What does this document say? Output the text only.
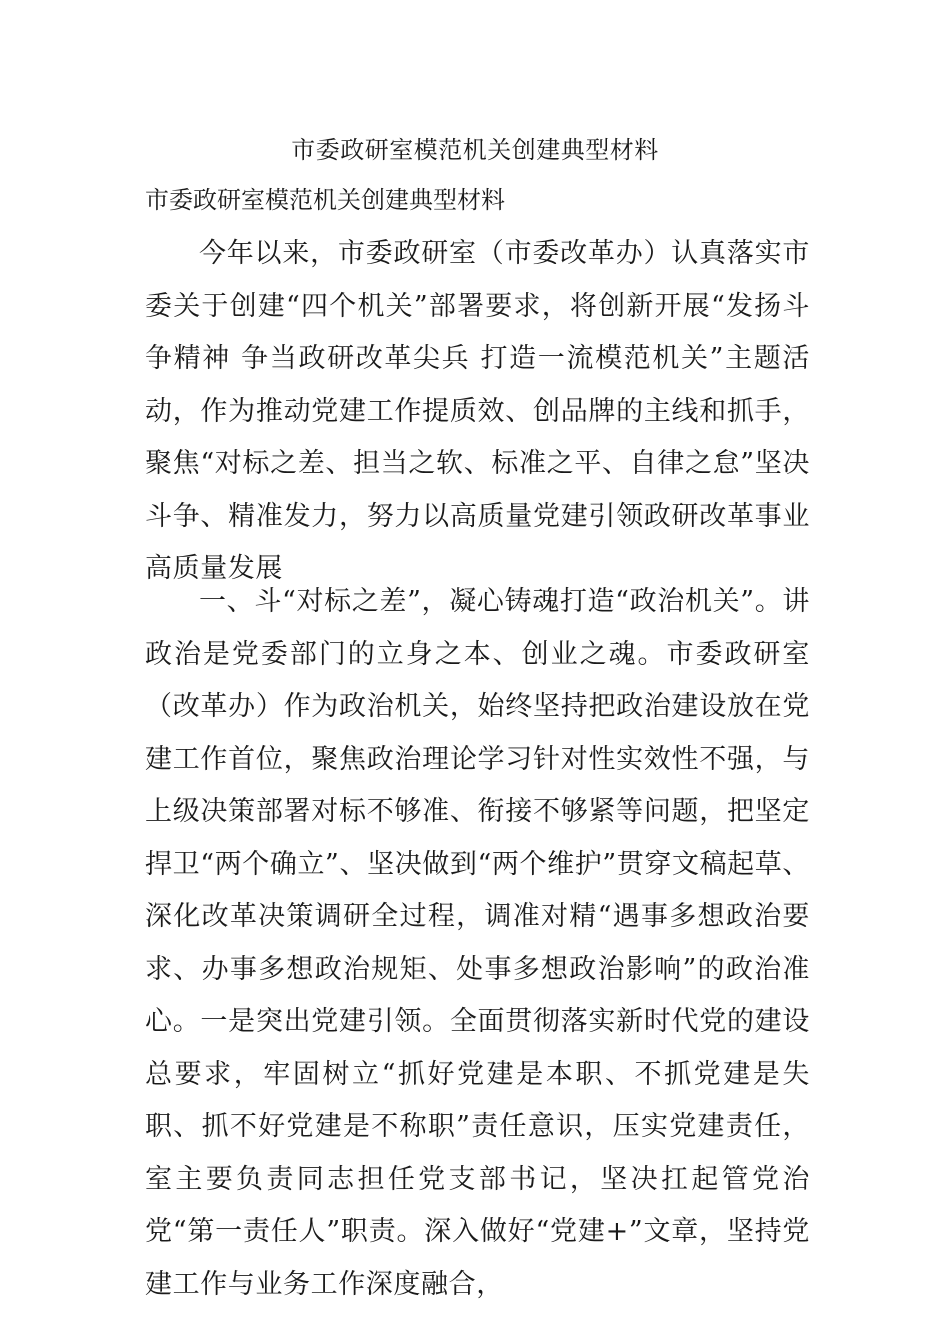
市委政研室模范机关创建典型材料
市委政研室模范机关创建典型材料

今年以来，市委政研室（市委改革办）认真落实市委关于创建“四个机关”部署要求，将创新开展“发扬斗争精神 争当政研改革尖兵 打造一流模范机关”主题活动，作为推动党建工作提质效、创品牌的主线和抓手，聚焦“对标之差、担当之软、标准之平、自律之怠”坚决斗争、精准发力，努力以高质量党建引领政研改革事业高质量发展

一、斗“对标之差”，凝心铸魂打造“政治机关”。讲政治是党委部门的立身之本、创业之魂。市委政研室（改革办）作为政治机关，始终坚持把政治建设放在党建工作首位，聚焦政治理论学习针对性实效性不强，与上级决策部署对标不够准、衔接不够紧等问题，把坚定捍卫“两个确立”、坚决做到“两个维护”贯穿文稿起草、深化改革决策调研全过程，调准对精“遇事多想政治要求、办事多想政治规矩、处事多想政治影响”的政治准心。一是突出党建引领。全面贯彻落实新时代党的建设总要求，牢固树立“抓好党建是本职、不抓党建是失职、抓不好党建是不称职”责任意识，压实党建责任，室主要负责同志担任党支部书记，坚决扛起管党治党“第一责任人”职责。深入做好“党建+”文章，坚持党建工作与业务工作深度融合，
